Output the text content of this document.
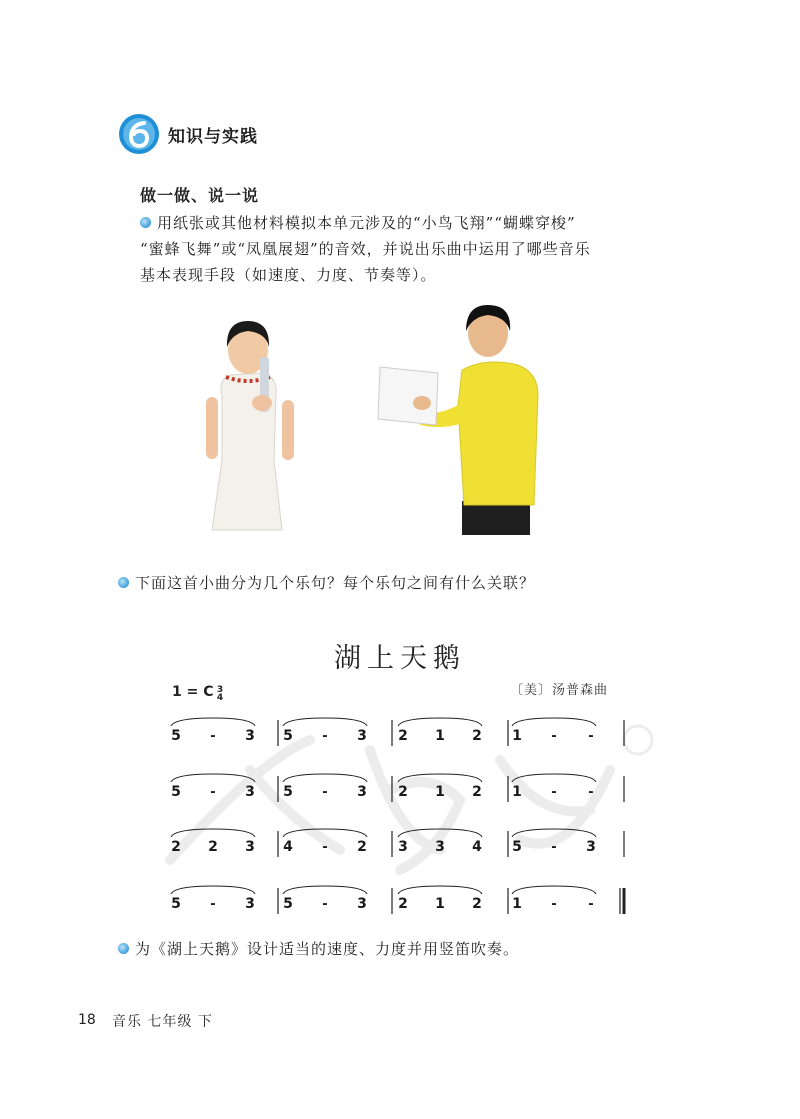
知识与实践
做一做、说一说
用纸张或其他材料模拟本单元涉及的“小鸟飞翔”“蝴蝶穿梭”
“蜜蜂飞舞”或“凤凰展翅”的音效，并说出乐曲中运用了哪些音乐
基本表现手段（如速度、力度、节奏等）。
下面这首小曲分为几个乐句？每个乐句之间有什么关联？
湖上天鹅
〔美〕汤普森曲
1 = C 3
4
5 - 3 5 - 3 2 1 2 1 - -
5 - 3 5 - 3 2 1 2 1 - -
2 2 3 4 - 2 3 3 4 5 - 3
5 - 3 5 - 3 2 1 2 1 - -
为《湖上天鹅》设计适当的速度、力度并用竖笛吹奏。
18 音乐 七年级 下
